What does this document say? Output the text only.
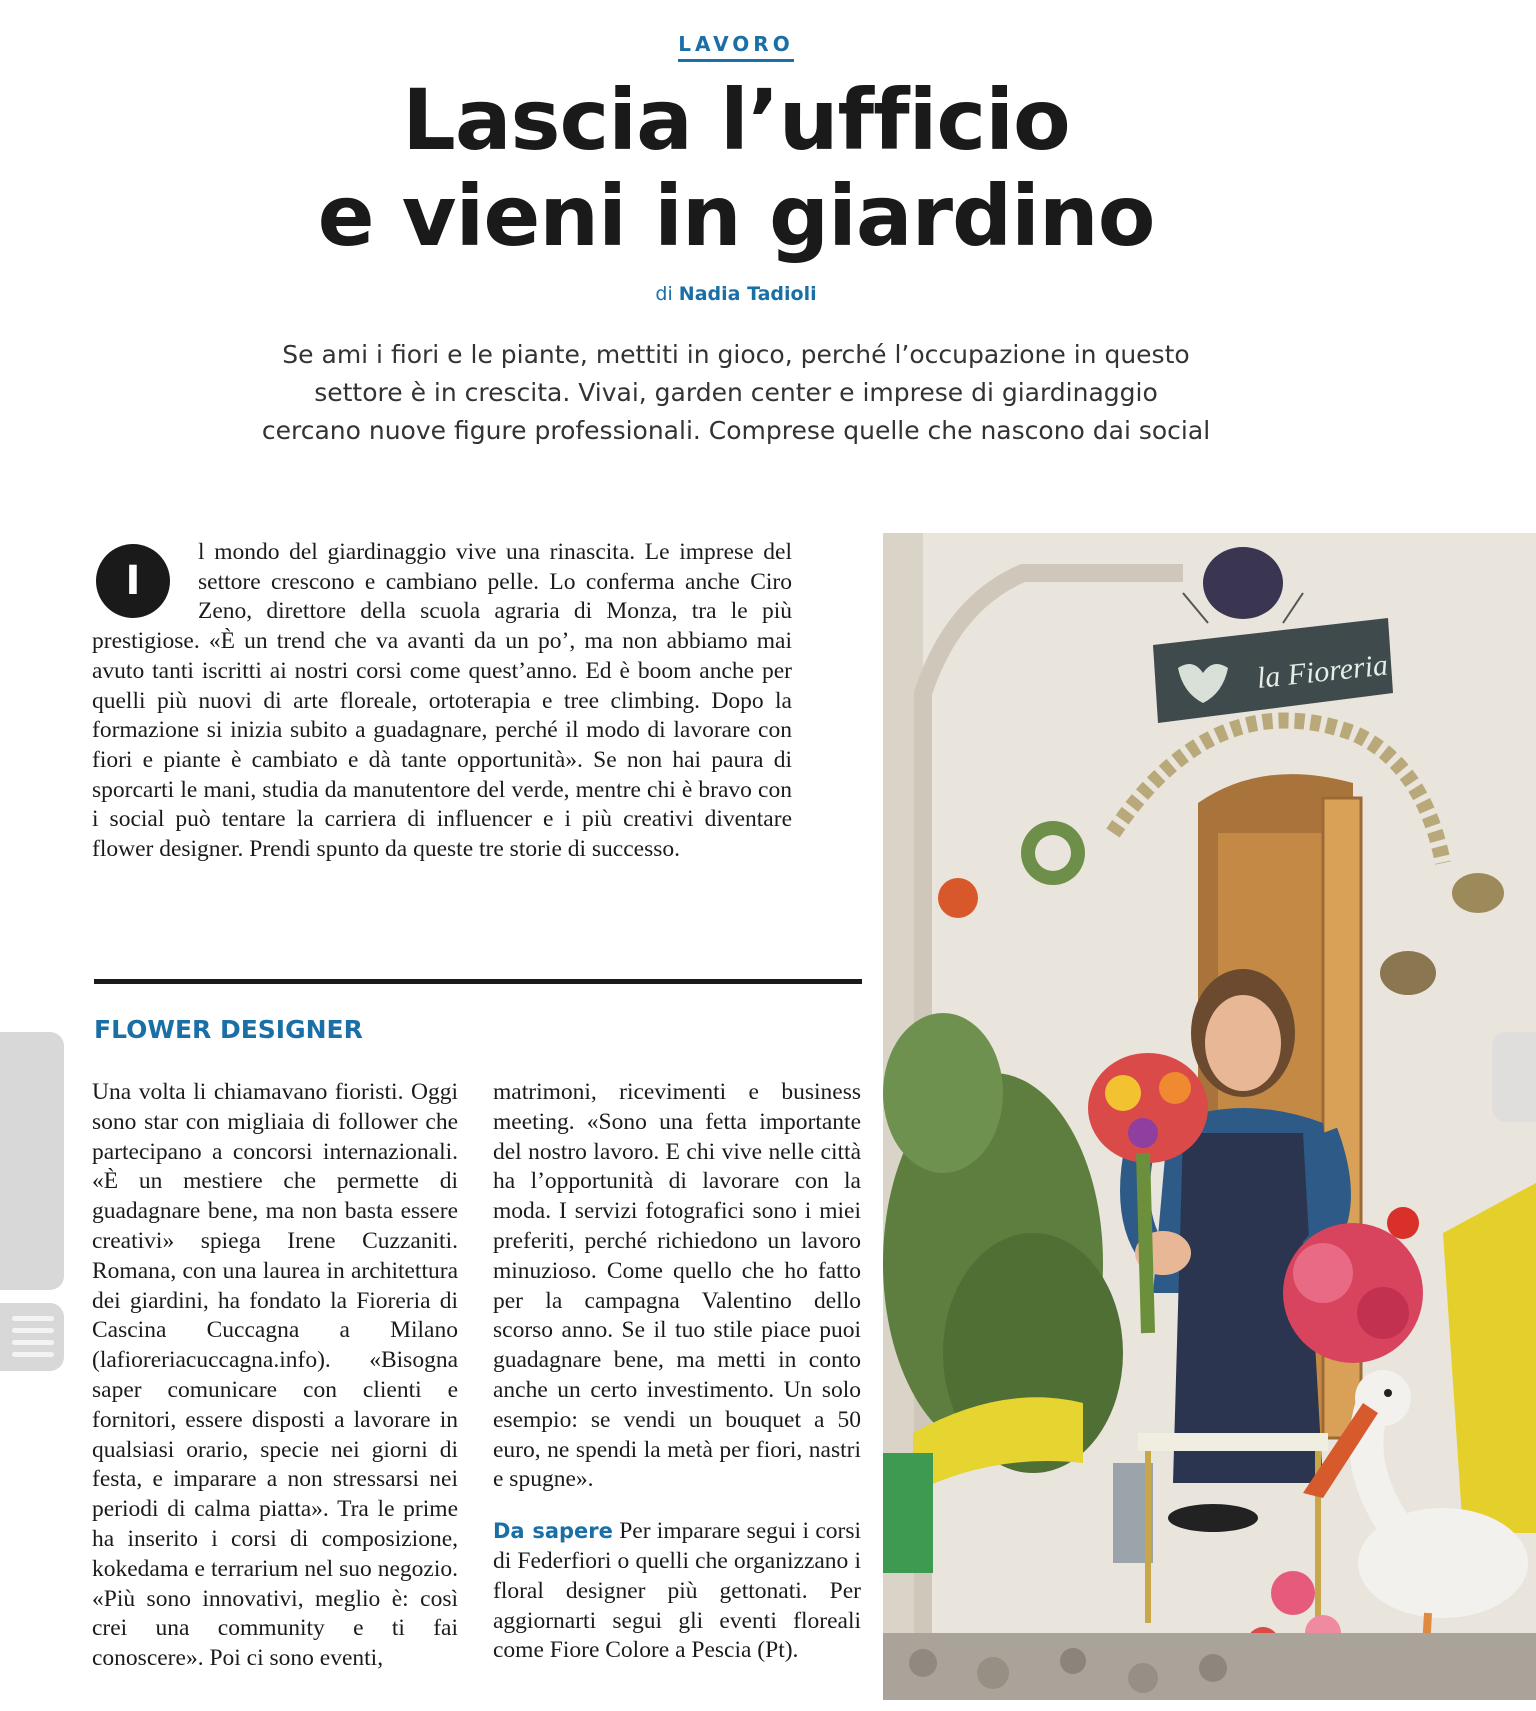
LAVORO
Lascia l’ufficio
e vieni in giardino
di Nadia Tadioli
Se ami i fiori e le piante, mettiti in gioco, perché l’occupazione in questo
settore è in crescita. Vivai, garden center e imprese di giardinaggio
cercano nuove figure professionali. Comprese quelle che nascono dai social
I
l mondo del giardinaggio vive una rinascita. Le imprese del settore crescono e cambiano pelle. Lo conferma anche Ciro Zeno, direttore della scuola agraria di Monza, tra le più prestigiose. «È un trend che va avanti da un po’, ma non abbiamo mai avuto tanti iscritti ai nostri corsi come quest’anno. Ed è boom anche per quelli più nuovi di arte floreale, ortoterapia e tree climbing. Dopo la formazione si inizia subito a guadagnare, perché il modo di lavorare con fiori e piante è cambiato e dà tante opportunità». Se non hai paura di sporcarti le mani, studia da manutentore del verde, mentre chi è bravo con i social può tentare la carriera di influencer e i più creativi diventare flower designer. Prendi spunto da queste tre storie di successo.
FLOWER DESIGNER

Una volta li chiamavano fioristi. Oggi sono star con migliaia di follower che partecipano a concorsi internazionali. «È un mestiere che permette di guadagnare bene, ma non basta essere creativi» spiega Irene Cuzzaniti. Romana, con una laurea in architettura dei giardini, ha fondato la Fioreria di Cascina Cuccagna a Milano (lafioreriacuccagna.info). «Bisogna saper comunicare con clienti e fornitori, essere disposti a lavorare in qualsiasi orario, specie nei giorni di festa, e imparare a non stressarsi nei periodi di calma piatta». Tra le prime ha inserito i corsi di composizione, kokedama e terrarium nel suo negozio. «Più sono innovativi, meglio è: così crei una community e ti fai conoscere». Poi ci sono eventi,

matrimoni, ricevimenti e business meeting. «Sono una fetta importante del nostro lavoro. E chi vive nelle città ha l’opportunità di lavorare con la moda. I servizi fotografici sono i miei preferiti, perché richiedono un lavoro minuzioso. Come quello che ho fatto per la campagna Valentino dello scorso anno. Se il tuo stile piace puoi guadagnare bene, ma metti in conto anche un certo investimento. Un solo esempio: se vendi un bouquet a 50 euro, ne spendi la metà per fiori, nastri e spugne».

Da sapere Per imparare segui i corsi di Federfiori o quelli che organizzano i floral designer più gettonati. Per aggiornarti segui gli eventi floreali come Fiore Colore a Pescia (Pt).

la Fioreria
